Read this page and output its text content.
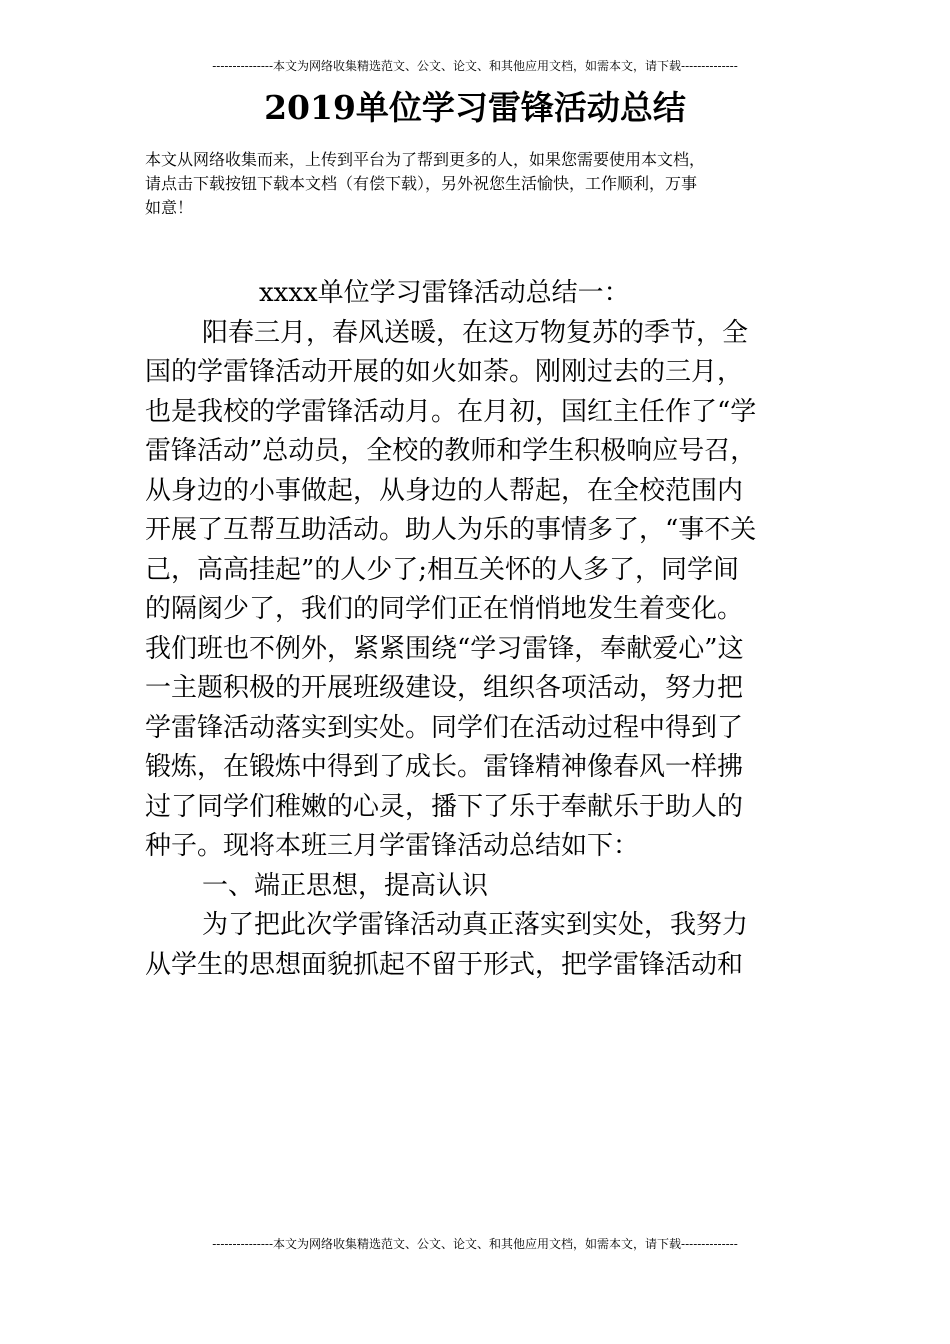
---------------本文为网络收集精选范文、公文、论文、和其他应用文档，如需本文，请下载--------------
2019单位学习雷锋活动总结
本文从网络收集而来，上传到平台为了帮到更多的人，如果您需要使用本文档，
请点击下载按钮下载本文档（有偿下载），另外祝您生活愉快，工作顺利，万事
如意！
xxxx单位学习雷锋活动总结一：
阳春三月，春风送暖，在这万物复苏的季节，全
国的学雷锋活动开展的如火如荼。刚刚过去的三月，
也是我校的学雷锋活动月。在月初，国红主任作了“学
雷锋活动”总动员，全校的教师和学生积极响应号召，
从身边的小事做起，从身边的人帮起，在全校范围内
开展了互帮互助活动。助人为乐的事情多了，“事不关
己，高高挂起”的人少了;相互关怀的人多了，同学间
的隔阂少了，我们的同学们正在悄悄地发生着变化。
我们班也不例外，紧紧围绕“学习雷锋，奉献爱心”这
一主题积极的开展班级建设，组织各项活动，努力把
学雷锋活动落实到实处。同学们在活动过程中得到了
锻炼，在锻炼中得到了成长。雷锋精神像春风一样拂
过了同学们稚嫩的心灵，播下了乐于奉献乐于助人的
种子。现将本班三月学雷锋活动总结如下：
一、端正思想，提高认识
为了把此次学雷锋活动真正落实到实处，我努力
从学生的思想面貌抓起不留于形式，把学雷锋活动和
---------------本文为网络收集精选范文、公文、论文、和其他应用文档，如需本文，请下载--------------
